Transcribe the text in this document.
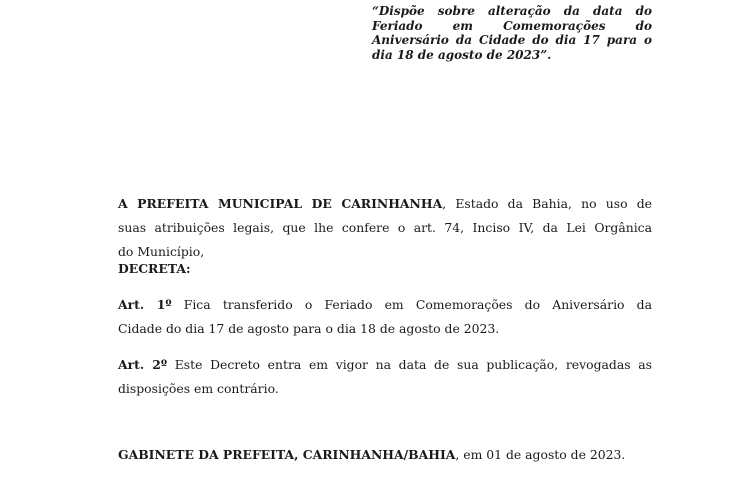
“Dispõe sobre alteração da data do
Feriado em Comemorações do
Aniversário da Cidade do dia 17 para o
dia 18 de agosto de 2023”.
A PREFEITA MUNICIPAL DE CARINHANHA, Estado da Bahia, no uso de
suas atribuições legais, que lhe confere o art. 74, Inciso IV, da Lei Orgânica
do Município,
DECRETA:
Art. 1º Fica transferido o Feriado em Comemorações do Aniversário da
Cidade do dia 17 de agosto para o dia 18 de agosto de 2023.
Art. 2º Este Decreto entra em vigor na data de sua publicação, revogadas as
disposições em contrário.
GABINETE DA PREFEITA, CARINHANHA/BAHIA, em 01 de agosto de 2023.
